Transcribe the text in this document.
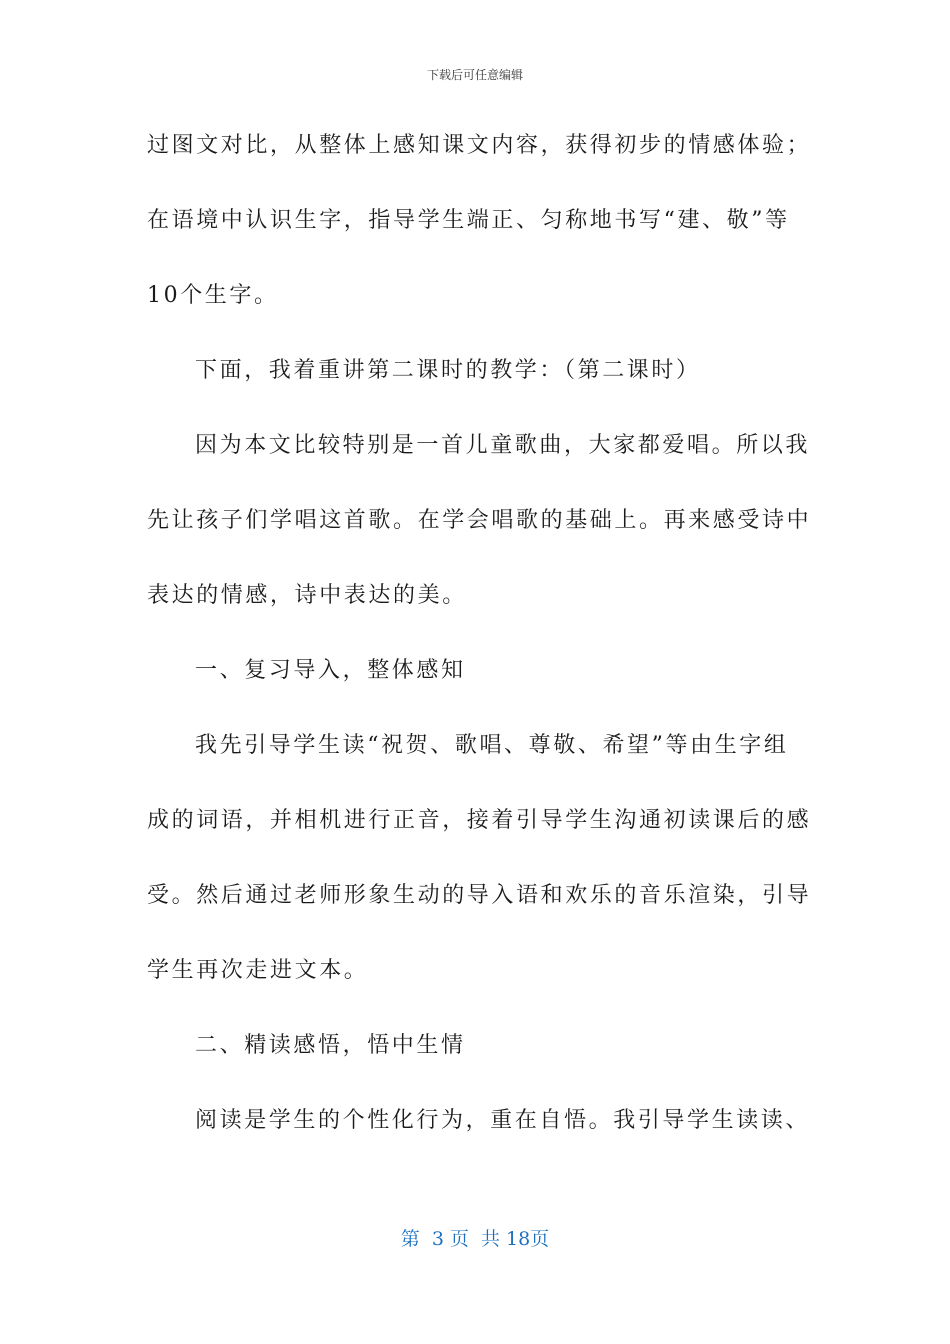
下载后可任意编辑
过图文对比，从整体上感知课文内容，获得初步的情感体验；
在语境中认识生字，指导学生端正、匀称地书写“建、敬”等
10个生字。
下面，我着重讲第二课时的教学：（第二课时）
因为本文比较特别是一首儿童歌曲，大家都爱唱。所以我
先让孩子们学唱这首歌。在学会唱歌的基础上。再来感受诗中
表达的情感，诗中表达的美。
一、复习导入，整体感知
我先引导学生读“祝贺、歌唱、尊敬、希望”等由生字组
成的词语，并相机进行正音，接着引导学生沟通初读课后的感
受。然后通过老师形象生动的导入语和欢乐的音乐渲染，引导
学生再次走进文本。
二、精读感悟，悟中生情
阅读是学生的个性化行为，重在自悟。我引导学生读读、
第  3 页  共 18页
